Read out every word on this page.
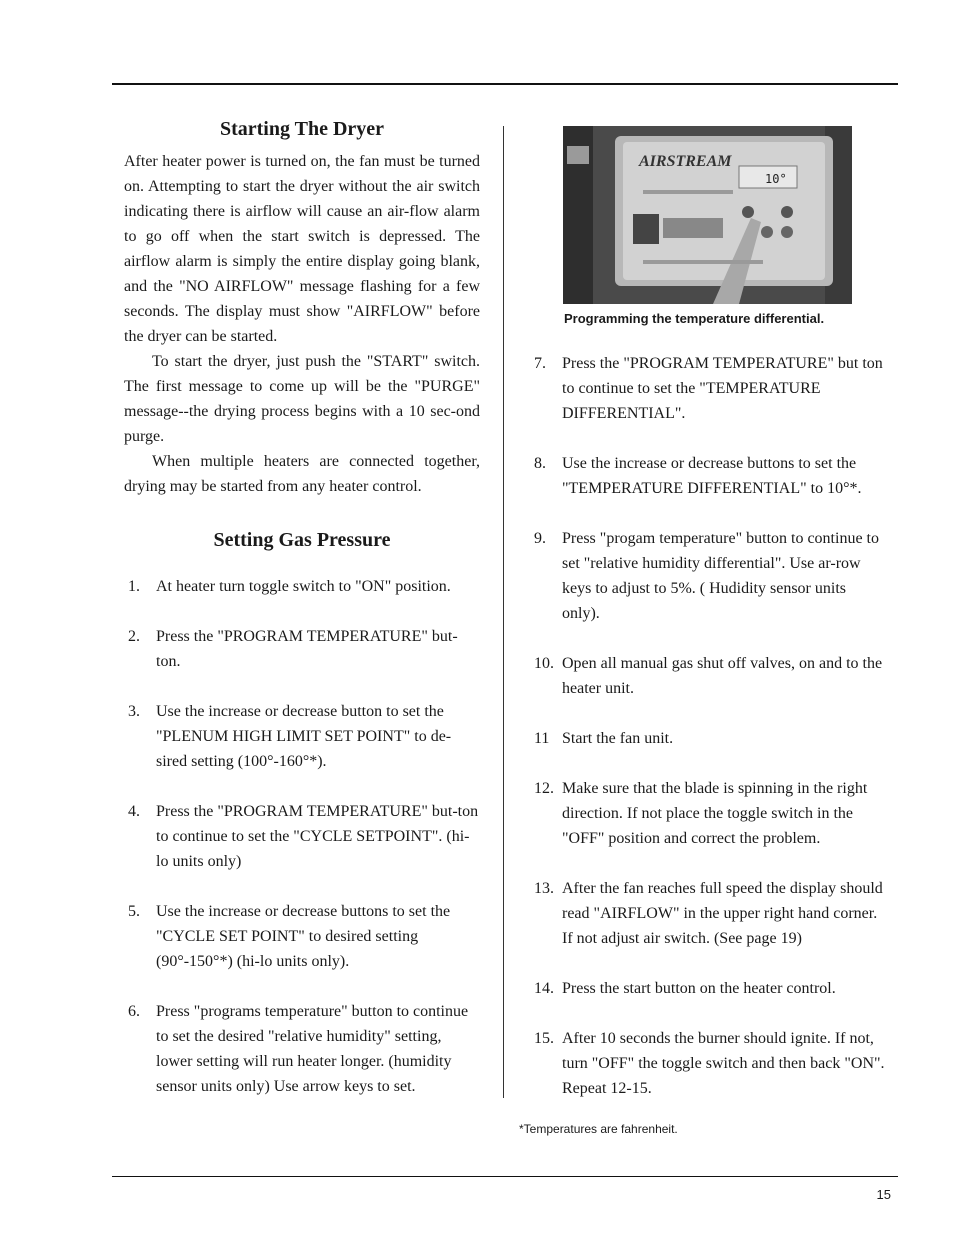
Starting The Dryer

After heater power is turned on, the fan must be turned on. Attempting to start the dryer without the air switch indicating there is airflow will cause an air-flow alarm to go off when the start switch is depressed. The airflow alarm is simply the entire display going blank, and the "NO AIRFLOW" message flashing for a few seconds. The display must show "AIRFLOW" before the dryer can be started.

To start the dryer, just push the "START" switch. The first message to come up will be the "PURGE" message--the drying process begins with a 10 sec-ond purge.

When multiple heaters are connected together, drying may be started from any heater control.

Setting Gas Pressure
1.	At heater turn toggle switch to "ON" position.
2.	Press the "PROGRAM TEMPERATURE" but-ton.
3.	Use the increase or decrease button to set the "PLENUM HIGH LIMIT SET POINT" to de-sired setting (100°-160°*).
4.	Press the "PROGRAM TEMPERATURE" but-ton to continue to set the "CYCLE SETPOINT". (hi-lo units only)
5.	Use the increase or decrease buttons to set the "CYCLE SET POINT" to desired setting (90°-150°*) (hi-lo units only).
6.	Press "programs temperature" button to continue to set the desired "relative humidity" setting, lower setting will run heater longer. (humidity sensor units only) Use arrow keys to set.
AIRSTREAM
10°
Programming the temperature differential.
7.	Press the "PROGRAM TEMPERATURE" but ton to continue to set the "TEMPERATURE DIFFERENTIAL".
8.	Use the increase or decrease buttons to set the "TEMPERATURE DIFFERENTIAL" to 10°*.
9.	Press "progam temperature" button to continue to set "relative humidity differential". Use ar-row keys to adjust to 5%. ( Hudidity sensor units only).
10. Open all manual gas shut off valves, on and to the heater unit.
11 Start the fan unit.
12. Make sure that the blade is spinning in the right direction. If not place the toggle switch in the "OFF" position and correct the problem.
13. After the fan reaches full speed the display should read "AIRFLOW" in the upper right hand corner. If not adjust air switch. (See page 19)
14. Press the start button on the heater control.
15. After 10 seconds the burner should ignite. If not, turn "OFF" the toggle switch and then back "ON". Repeat 12-15.
*Temperatures are fahrenheit.
15
